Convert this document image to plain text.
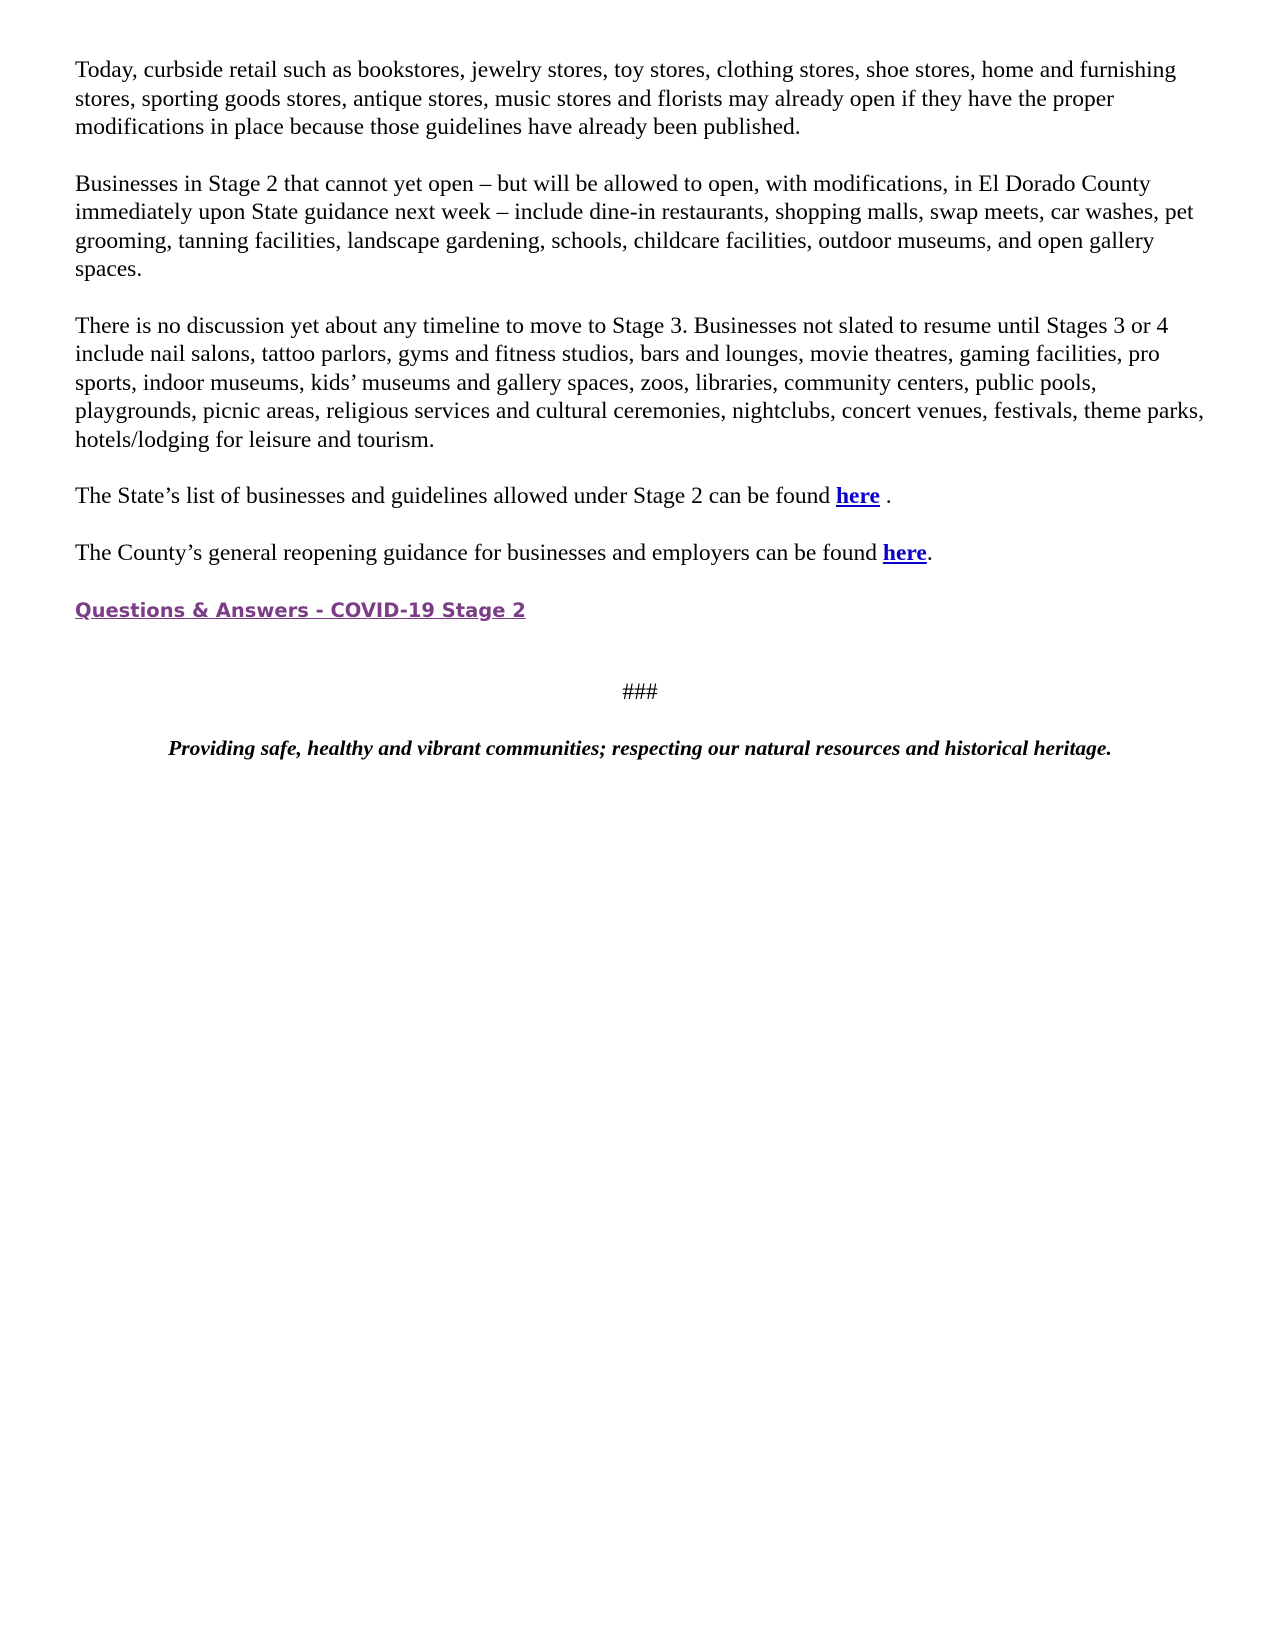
Today, curbside retail such as bookstores, jewelry stores, toy stores, clothing stores, shoe stores, home and furnishing stores, sporting goods stores, antique stores, music stores and florists may already open if they have the proper modifications in place because those guidelines have already been published.

Businesses in Stage 2 that cannot yet open – but will be allowed to open, with modifications, in El Dorado County immediately upon State guidance next week – include dine-in restaurants, shopping malls, swap meets, car washes, pet grooming, tanning facilities, landscape gardening, schools, childcare facilities, outdoor museums, and open gallery spaces.

There is no discussion yet about any timeline to move to Stage 3. Businesses not slated to resume until Stages 3 or 4 include nail salons, tattoo parlors, gyms and fitness studios, bars and lounges, movie theatres, gaming facilities, pro sports, indoor museums, kids’ museums and gallery spaces, zoos, libraries, community centers, public pools, playgrounds, picnic areas, religious services and cultural ceremonies, nightclubs, concert venues, festivals, theme parks, hotels/lodging for leisure and tourism.

The State’s list of businesses and guidelines allowed under Stage 2 can be found here .

The County’s general reopening guidance for businesses and employers can be found here.

Questions & Answers - COVID-19 Stage 2
###
Providing safe, healthy and vibrant communities; respecting our natural resources and historical heritage.
